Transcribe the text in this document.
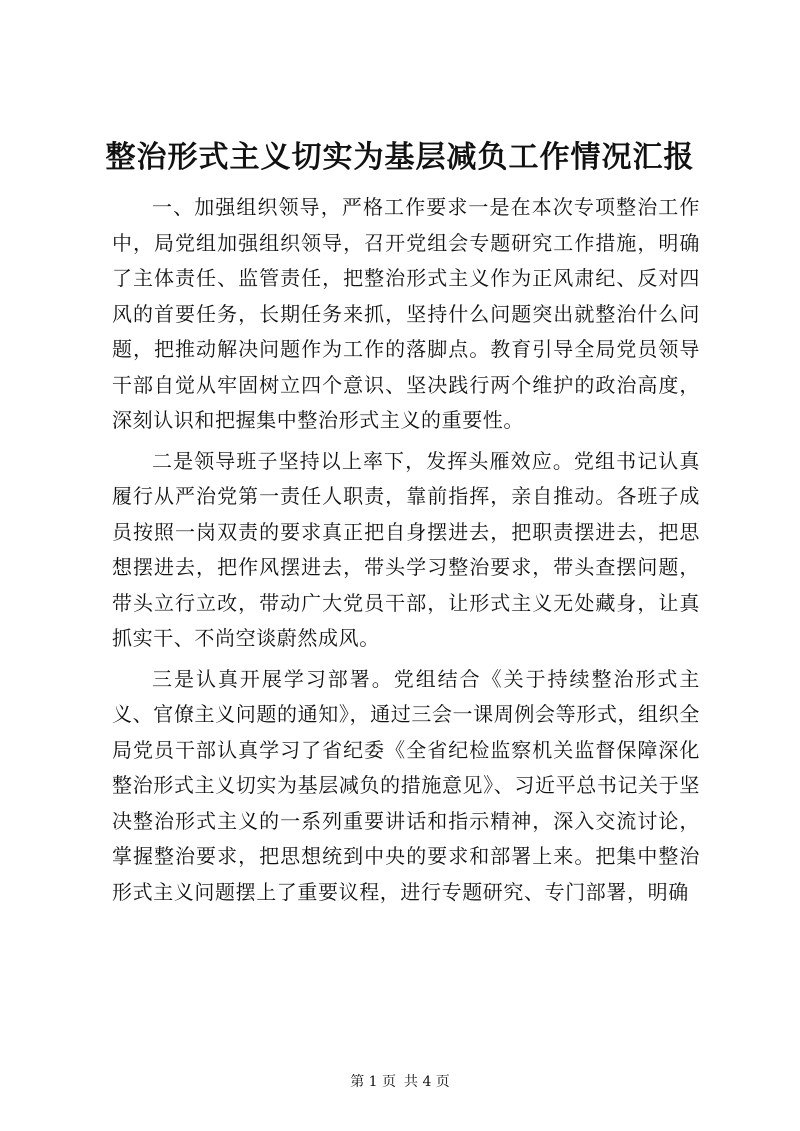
整治形式主义切实为基层减负工作情况汇报

一、加强组织领导，严格工作要求一是在本次专项整治工作中，局党组加强组织领导，召开党组会专题研究工作措施，明确了主体责任、监管责任，把整治形式主义作为正风肃纪、反对四风的首要任务，长期任务来抓，坚持什么问题突出就整治什么问题，把推动解决问题作为工作的落脚点。教育引导全局党员领导干部自觉从牢固树立四个意识、坚决践行两个维护的政治高度，深刻认识和把握集中整治形式主义的重要性。

二是领导班子坚持以上率下，发挥头雁效应。党组书记认真履行从严治党第一责任人职责，靠前指挥，亲自推动。各班子成员按照一岗双责的要求真正把自身摆进去，把职责摆进去，把思想摆进去，把作风摆进去，带头学习整治要求，带头查摆问题，带头立行立改，带动广大党员干部，让形式主义无处藏身，让真抓实干、不尚空谈蔚然成风。

三是认真开展学习部署。党组结合《关于持续整治形式主义、官僚主义问题的通知》，通过三会一课周例会等形式，组织全局党员干部认真学习了省纪委《全省纪检监察机关监督保障深化整治形式主义切实为基层减负的措施意见》、习近平总书记关于坚决整治形式主义的一系列重要讲话和指示精神，深入交流讨论，掌握整治要求，把思想统到中央的要求和部署上来。把集中整治形式主义问题摆上了重要议程，进行专题研究、专门部署，明确

第 1 页 共 4 页
